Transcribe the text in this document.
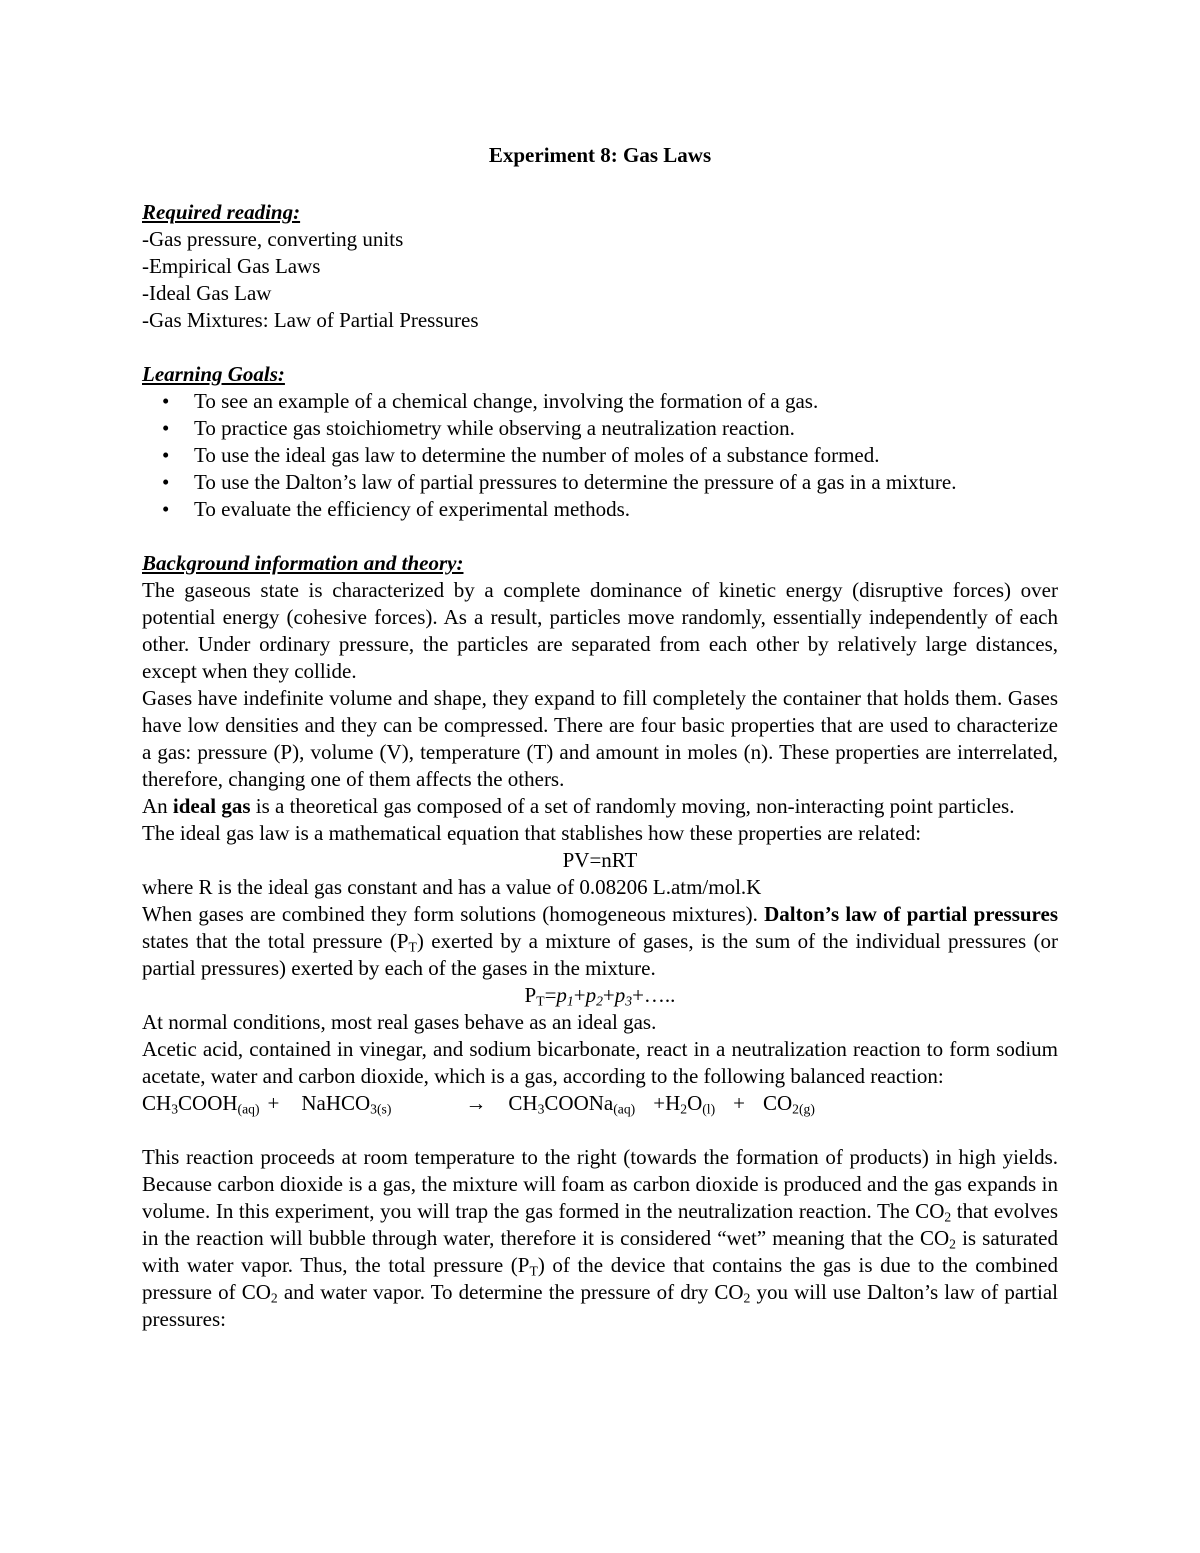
Experiment 8: Gas Laws
Required reading:
-Gas pressure, converting units
-Empirical Gas Laws
-Ideal Gas Law
-Gas Mixtures: Law of Partial Pressures
Learning Goals:
• To see an example of a chemical change, involving the formation of a gas.
• To practice gas stoichiometry while observing a neutralization reaction.
• To use the ideal gas law to determine the number of moles of a substance formed.
• To use the Dalton’s law of partial pressures to determine the pressure of a gas in a mixture.
• To evaluate the efficiency of experimental methods.
Background information and theory:

The gaseous state is characterized by a complete dominance of kinetic energy (disruptive forces) over potential energy (cohesive forces). As a result, particles move randomly, essentially independently of each other. Under ordinary pressure, the particles are separated from each other by relatively large distances, except when they collide.

Gases have indefinite volume and shape, they expand to fill completely the container that holds them. Gases have low densities and they can be compressed. There are four basic properties that are used to characterize a gas: pressure (P), volume (V), temperature (T) and amount in moles (n). These properties are interrelated, therefore, changing one of them affects the others.

An ideal gas is a theoretical gas composed of a set of randomly moving, non-interacting point particles.

The ideal gas law is a mathematical equation that stablishes how these properties are related:

PV=nRT

where R is the ideal gas constant and has a value of 0.08206 L.atm/mol.K

When gases are combined they form solutions (homogeneous mixtures). Dalton’s law of partial pressures states that the total pressure $(P_T)$ exerted by a mixture of gases, is the sum of the individual pressures (or partial pressures) exerted by each of the gases in the mixture.

$P_T=p_1+p_2+p_3+\dots$..

At normal conditions, most real gases behave as an ideal gas.

Acetic acid, contained in vinegar, and sodium bicarbonate, react in a neutralization reaction to form sodium acetate, water and carbon dioxide, which is a gas, according to the following balanced reaction:

$CH_3COOH_{(aq)}+NaHCO_{3(s)}$	→ $CH_3COONa_{(aq)} +H_2O_{(l)} + CO_{2(g)}$

This reaction proceeds at room temperature to the right (towards the formation of products) in high yields. Because carbon dioxide is a gas, the mixture will foam as carbon dioxide is produced and the gas expands in volume. In this experiment, you will trap the gas formed in the neutralization reaction. The $CO_2$ that evolves in the reaction will bubble through water, therefore it is considered “wet” meaning that the $CO_2$ is saturated with water vapor. Thus, the total pressure $(P_T)$ of the device that contains the gas is due to the combined pressure of $CO_2$ and water vapor. To determine the pressure of dry $CO_2$ you will use Dalton’s law of partial pressures:
